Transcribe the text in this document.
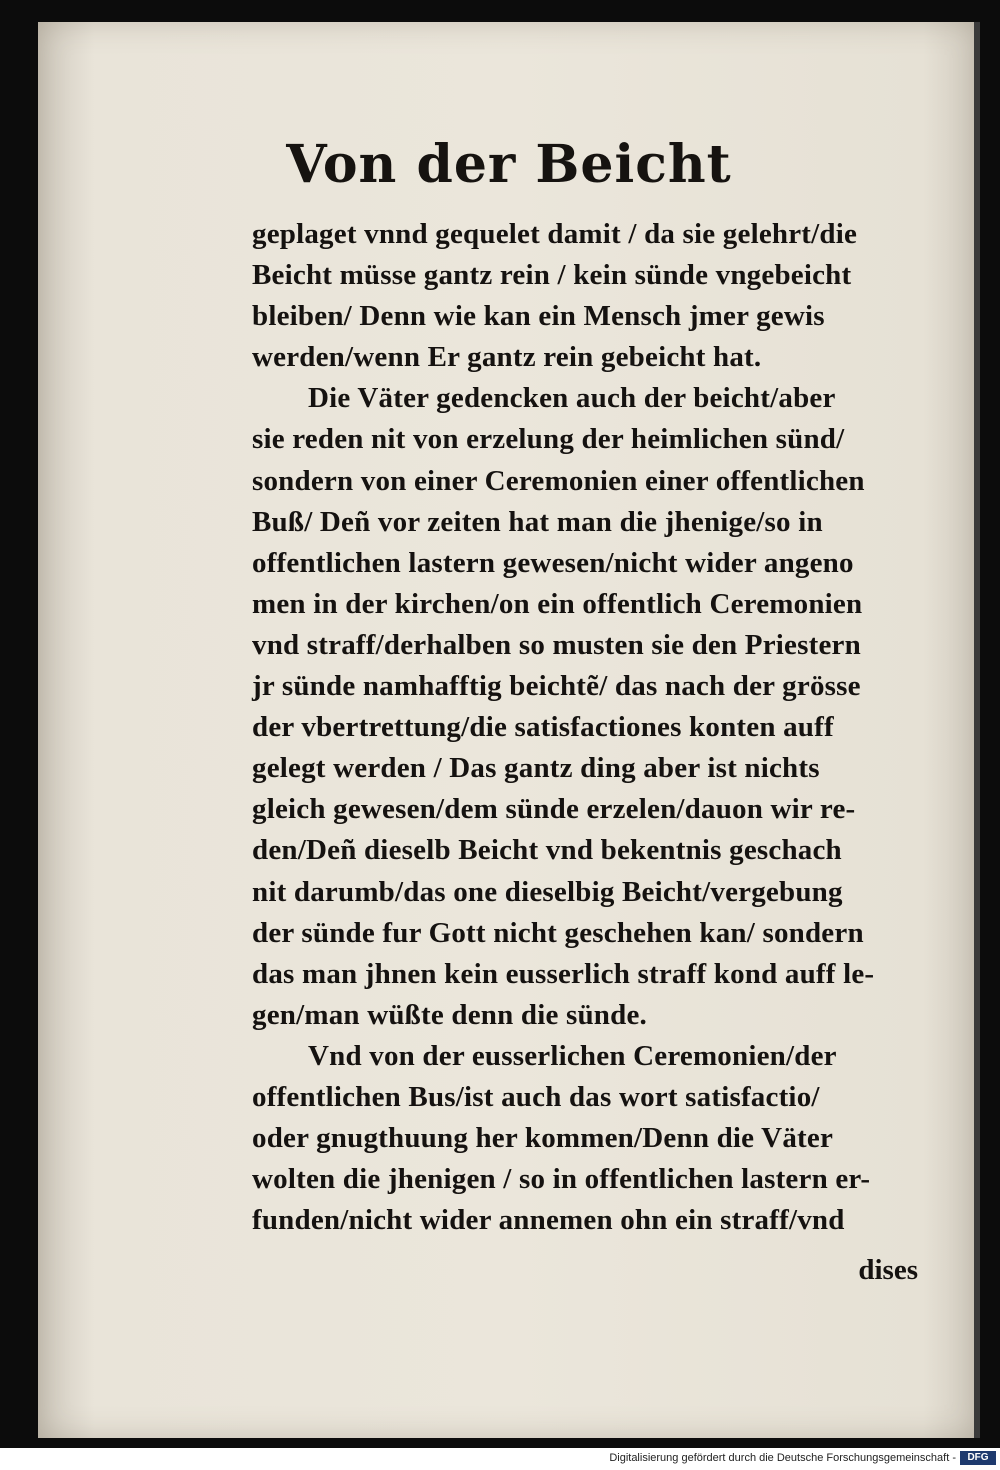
Von der Beicht
geplaget vnnd gequelet damit / da sie gelehrt/die
Beicht müsse gantz rein / kein sünde vngebeicht
bleiben/ Denn wie kan ein Mensch jmer gewis
werden/wenn Er gantz rein gebeicht hat.
Die Väter gedencken auch der beicht/aber
sie reden nit von erzelung der heimlichen sünd/
sondern von einer Ceremonien einer offentlichen
Buß/ Deñ vor zeiten hat man die jhenige/so in
offentlichen lastern gewesen/nicht wider angeno
men in der kirchen/on ein offentlich Ceremonien
vnd straff/derhalben so musten sie den Priestern
jr sünde namhafftig beichtẽ/ das nach der grösse
der vbertrettung/die satisfactiones konten auff
gelegt werden / Das gantz ding aber ist nichts
gleich gewesen/dem sünde erzelen/dauon wir re-
den/Deñ dieselb Beicht vnd bekentnis geschach
nit darumb/das one dieselbig Beicht/vergebung
der sünde fur Gott nicht geschehen kan/ sondern
das man jhnen kein eusserlich straff kond auff le-
gen/man wüßte denn die sünde.
Vnd von der eusserlichen Ceremonien/der
offentlichen Bus/ist auch das wort satisfactio/
oder gnugthuung her kommen/Denn die Väter
wolten die jhenigen / so in offentlichen lastern er-
funden/nicht wider annemen ohn ein straff/vnd
dises
Digitalisierung gefördert durch die Deutsche Forschungsgemeinschaft -	DFG
